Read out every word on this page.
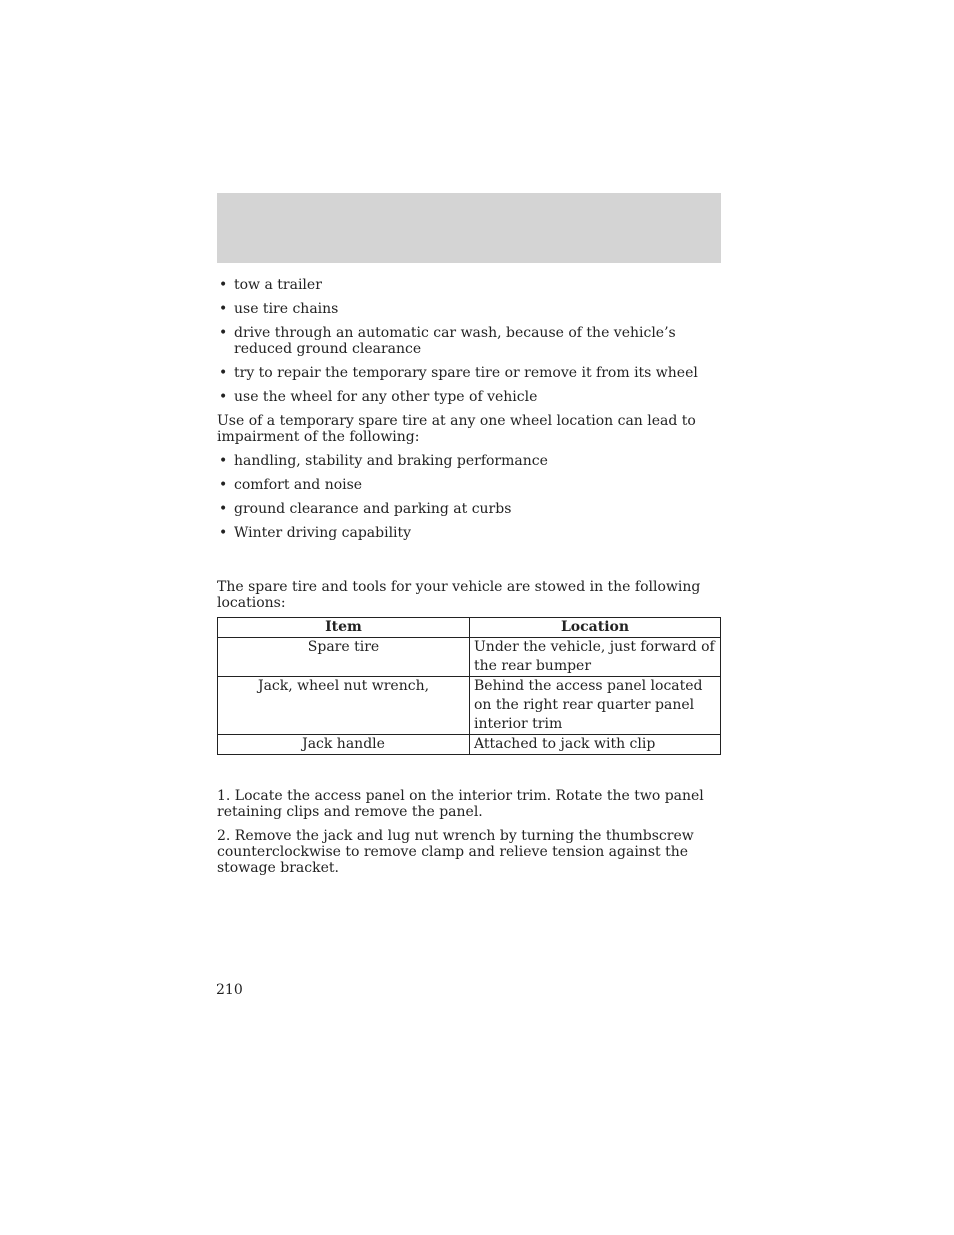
• tow a trailer
• use tire chains
• drive through an automatic car wash, because of the vehicle’s reduced ground clearance
• try to repair the temporary spare tire or remove it from its wheel
• use the wheel for any other type of vehicle

Use of a temporary spare tire at any one wheel location can lead to impairment of the following:

• handling, stability and braking performance
• comfort and noise
• ground clearance and parking at curbs
• Winter driving capability

The spare tire and tools for your vehicle are stowed in the following locations:

Item	Location
Spare tire	Under the vehicle, just forward of the rear bumper
Jack, wheel nut wrench,	Behind the access panel located on the right rear quarter panel interior trim
Jack handle	Attached to jack with clip

1. Locate the access panel on the interior trim. Rotate the two panel retaining clips and remove the panel.

2. Remove the jack and lug nut wrench by turning the thumbscrew counterclockwise to remove clamp and relieve tension against the stowage bracket.

210
